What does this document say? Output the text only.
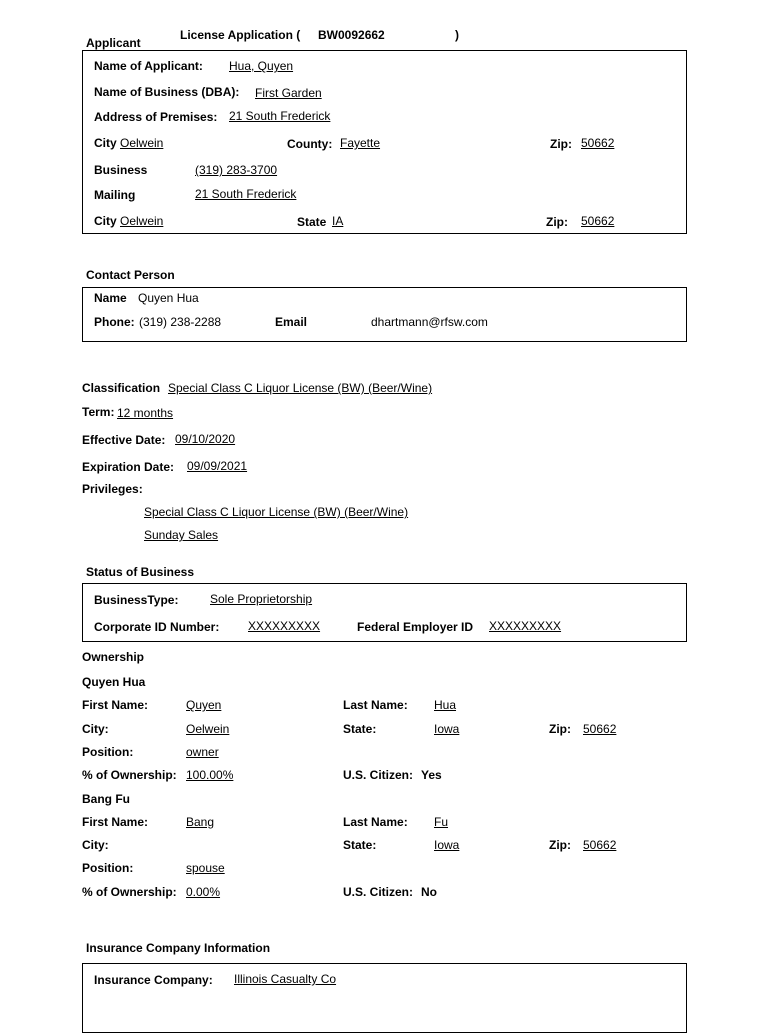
Applicant
License Application ( BW0092662	)
Name of Applicant: Hua, Quyen
Name of Business (DBA): First Garden
Address of Premises: 21 South Frederick
City Oelwein	County: Fayette	Zip: 50662
Business	(319) 283-3700
Mailing	21 South Frederick
City Oelwein	State IA	Zip: 50662
Contact Person
Name Quyen Hua
Phone: (319) 238-2288	Email	dhartmann@rfsw.com
Classification Special Class C Liquor License (BW) (Beer/Wine)
Term: 12 months
Effective Date: 09/10/2020
Expiration Date: 09/09/2021
Privileges:
Special Class C Liquor License (BW) (Beer/Wine)
Sunday Sales
Status of Business
BusinessType:	Sole Proprietorship
Corporate ID Number: XXXXXXXXX	Federal Employer ID XXXXXXXXX
Ownership
Quyen Hua
First Name:	Quyen	Last Name: Hua
City:	Oelwein	State:	Iowa	Zip: 50662
Position:	owner
% of Ownership: 100.00%	U.S. Citizen: Yes
Bang Fu
First Name:	Bang	Last Name: Fu
City:	State:	Iowa	Zip: 50662
Position:	spouse
% of Ownership: 0.00%	U.S. Citizen: No
Insurance Company Information
Insurance Company: Illinois Casualty Co
